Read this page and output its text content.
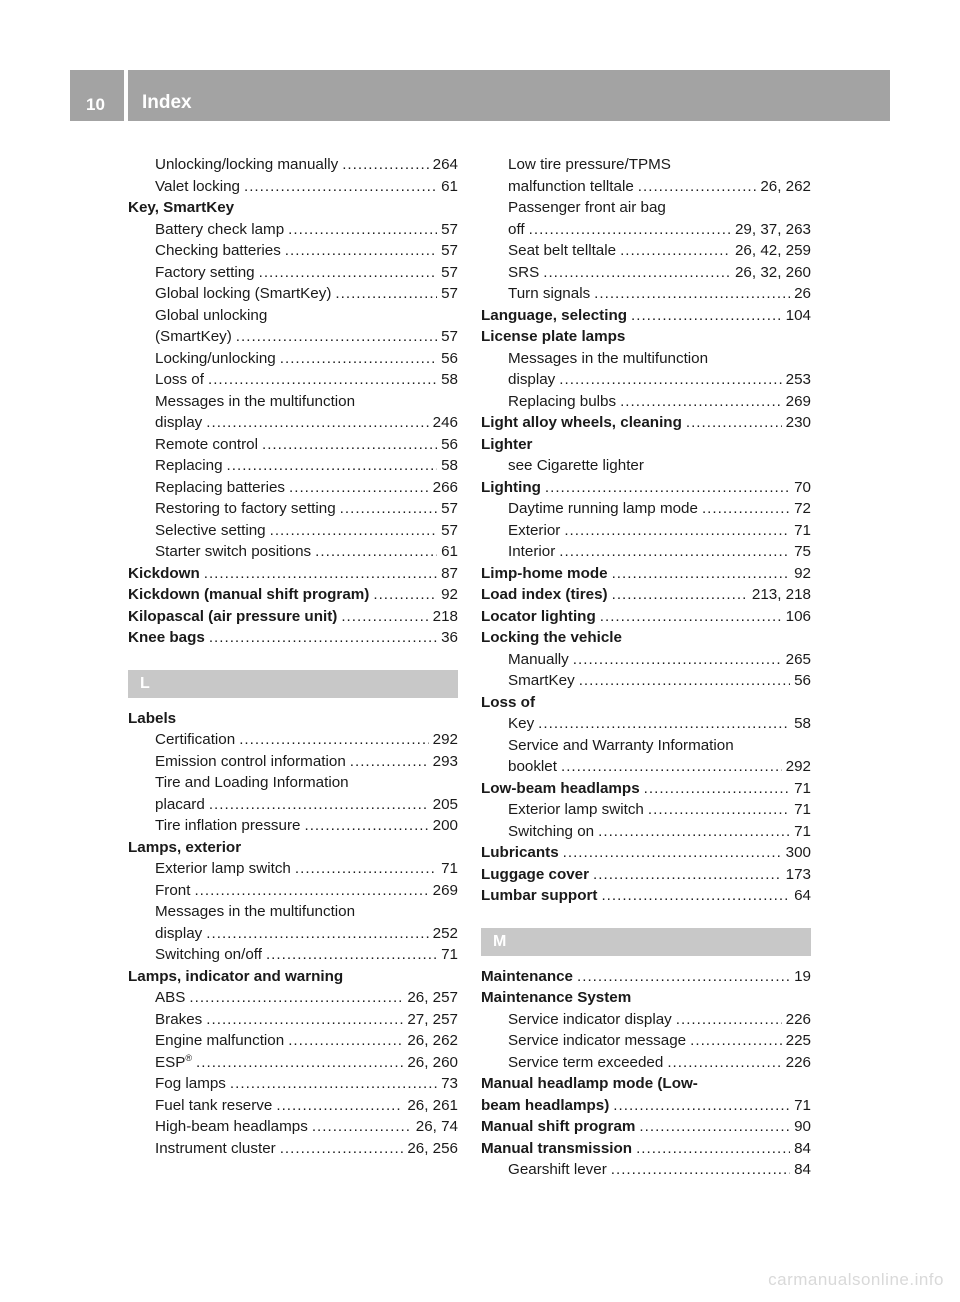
10	Index
Unlocking/locking manually .....	264
Valet locking .....	61
Key, SmartKey
Battery check lamp .....	57
Checking batteries .....	57
Factory setting .....	57
Global locking (SmartKey) .....	57
Global unlocking
(SmartKey) .....	57
Locking/unlocking .....	56
Loss of .....	58
Messages in the multifunction
display .....	246
Remote control .....	56
Replacing .....	58
Replacing batteries .....	266
Restoring to factory setting .....	57
Selective setting .....	57
Starter switch positions .....	61
Kickdown .....	87
Kickdown (manual shift program) .....	92
Kilopascal (air pressure unit) .....	218
Knee bags .....	36
L
Labels
Certification .....	292
Emission control information .....	293
Tire and Loading Information
placard .....	205
Tire inflation pressure .....	200
Lamps, exterior
Exterior lamp switch .....	71
Front .....	269
Messages in the multifunction
display .....	252
Switching on/off .....	71
Lamps, indicator and warning
ABS .....	26, 257
Brakes .....	27, 257
Engine malfunction .....	26, 262
ESP® .....	26, 260
Fog lamps .....	73
Fuel tank reserve .....	26, 261
High-beam headlamps .....	26, 74
Instrument cluster .....	26, 256
Low tire pressure/TPMS
malfunction telltale .....	26, 262
Passenger front air bag
off .....	29, 37, 263
Seat belt telltale .....	26, 42, 259
SRS .....	26, 32, 260
Turn signals .....	26
Language, selecting .....	104
License plate lamps
Messages in the multifunction
display .....	253
Replacing bulbs .....	269
Light alloy wheels, cleaning .....	230
Lighter
see Cigarette lighter
Lighting .....	70
Daytime running lamp mode .....	72
Exterior .....	71
Interior .....	75
Limp-home mode .....	92
Load index (tires) .....	213, 218
Locator lighting .....	106
Locking the vehicle
Manually .....	265
SmartKey .....	56
Loss of
Key .....	58
Service and Warranty Information
booklet .....	292
Low-beam headlamps .....	71
Exterior lamp switch .....	71
Switching on .....	71
Lubricants .....	300
Luggage cover .....	173
Lumbar support .....	64
M
Maintenance .....	19
Maintenance System
Service indicator display .....	226
Service indicator message .....	225
Service term exceeded .....	226
Manual headlamp mode (Low-
beam headlamps) .....	71
Manual shift program .....	90
Manual transmission .....	84
Gearshift lever .....	84
carmanualsonline.info
